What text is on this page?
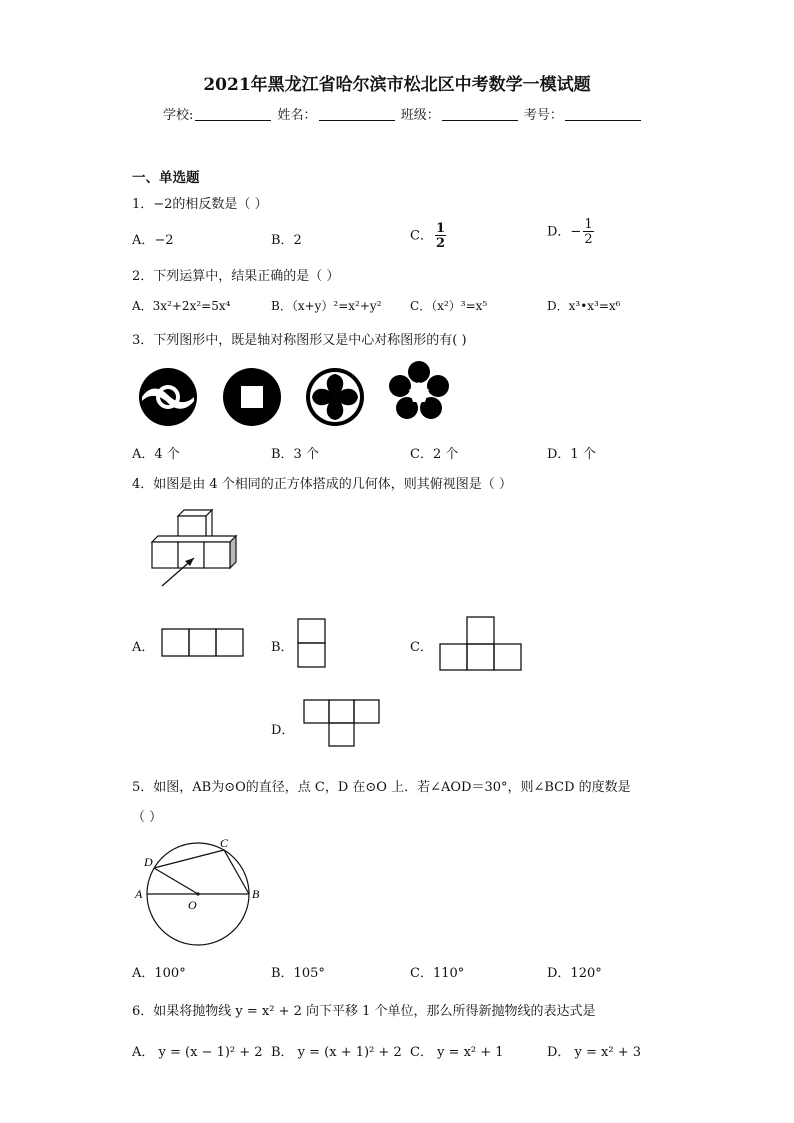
2021年黑龙江省哈尔滨市松北区中考数学一模试题
学校:	姓名：	班级：	考号：
一、单选题
1．−2的相反数是（ ）
A．−2	B．2	C． $\frac{1}{2}$	D．− $\frac{1}{2}$
2．下列运算中，结果正确的是（ ）
A．3x²+2x²=5x⁴	B．（x+y）²=x²+y² C．（x²）³=x⁵	D．x³•x³=x⁶
3．下列图形中，既是轴对称图形又是中心对称图形的有( )
A．4 个	B．3 个	C．2 个	D．1 个
4．如图是由 4 个相同的正方体搭成的几何体，则其俯视图是（ ）
A．	B．	C．
D．
5．如图，AB为⊙O的直径，点 C，D 在⊙O 上．若∠AOD＝30°，则∠BCD 的度数是
（ ）
A	B
C
D
O
A．100°	B．105°	C．110°	D．120°
6．如果将抛物线 y = x² + 2 向下平移 1 个单位，那么所得新抛物线的表达式是
A． y = (x − 1)² + 2 B． y = (x + 1)² + 2 C． y = x² + 1	D． y = x² + 3
